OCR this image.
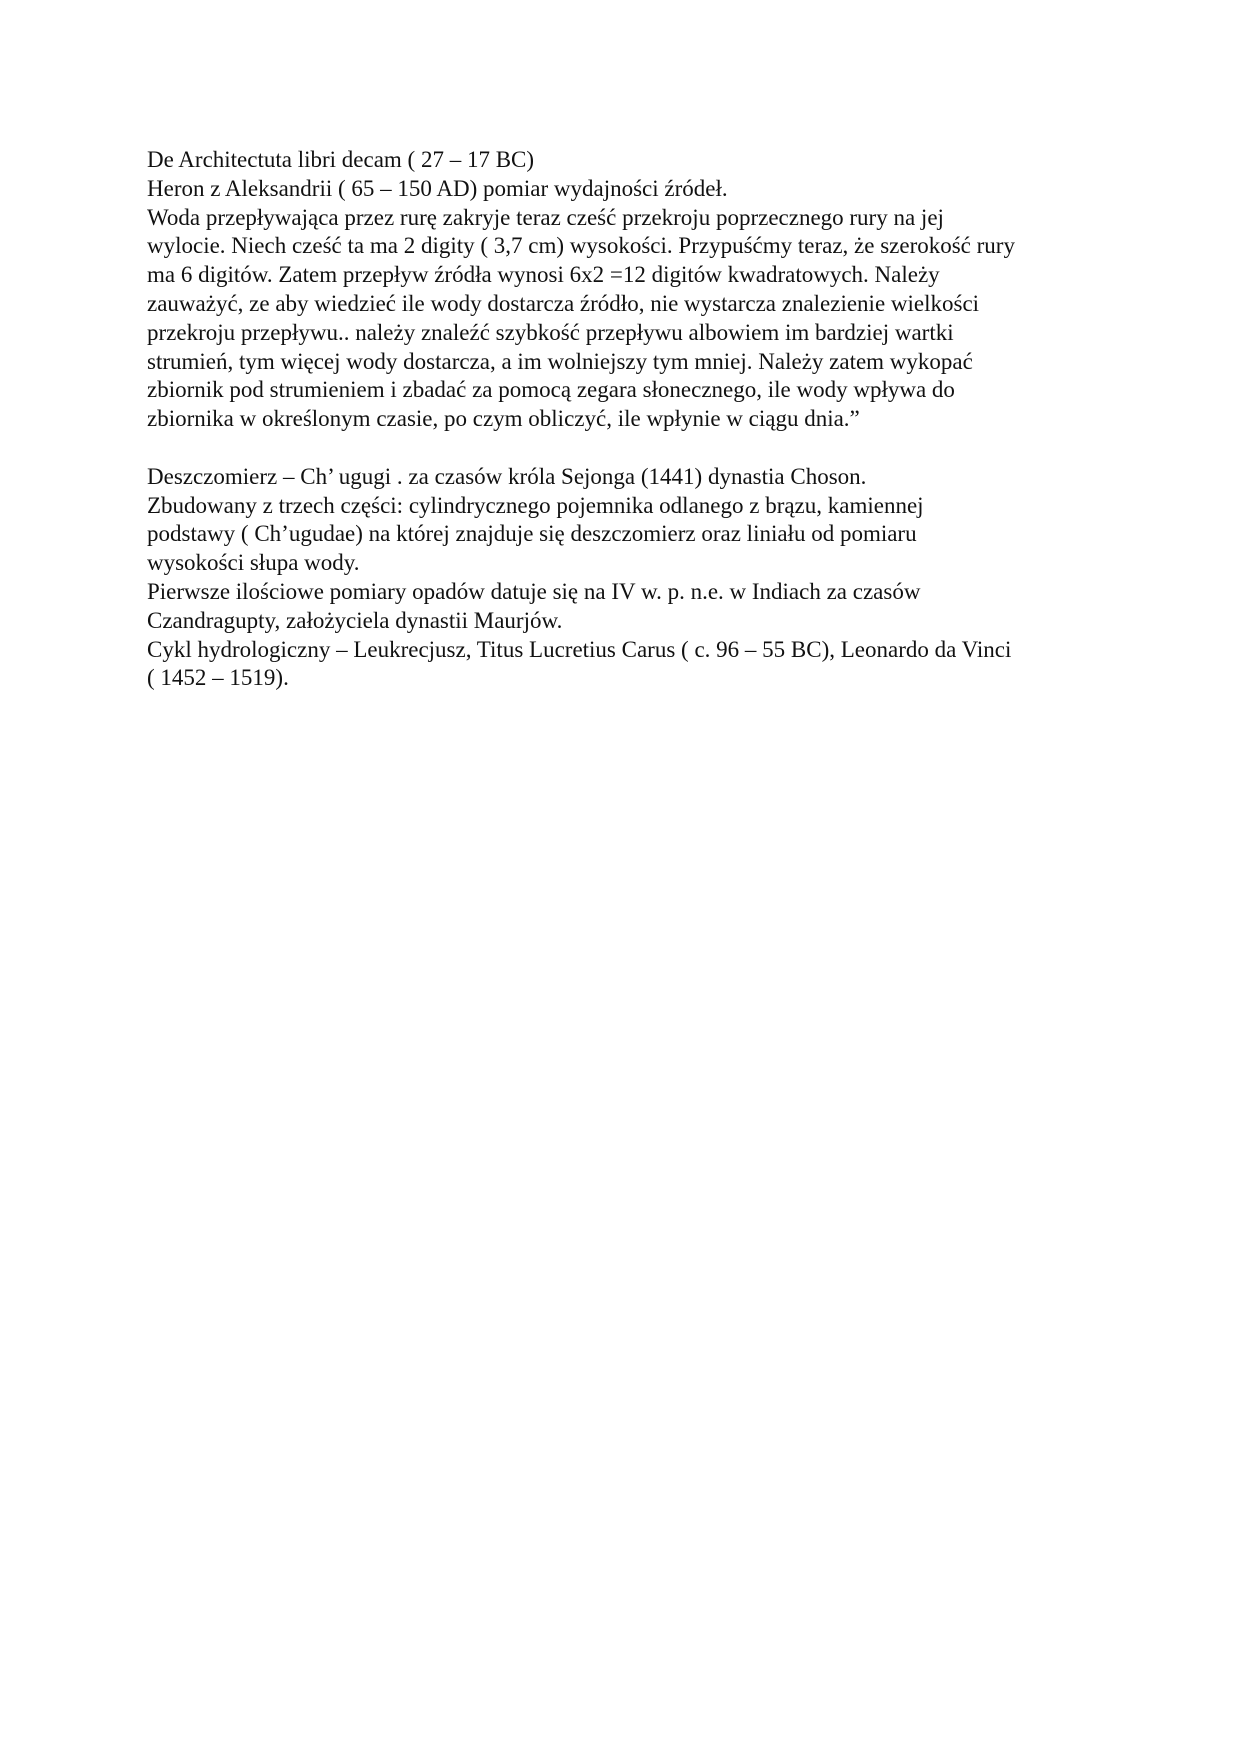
De Architectuta libri decam ( 27 – 17 BC)
Heron z Aleksandrii ( 65 – 150 AD) pomiar wydajności źródeł.
Woda przepływająca przez rurę zakryje teraz cześć przekroju poprzecznego rury na jej
wylocie. Niech cześć ta ma 2 digity ( 3,7 cm) wysokości. Przypuśćmy teraz, że szerokość rury
ma 6 digitów. Zatem przepływ źródła wynosi 6x2 =12 digitów kwadratowych. Należy
zauważyć, ze aby wiedzieć ile wody dostarcza źródło, nie wystarcza znalezienie wielkości
przekroju przepływu.. należy znaleźć szybkość przepływu albowiem im bardziej wartki
strumień, tym więcej wody dostarcza, a im wolniejszy tym mniej. Należy zatem wykopać
zbiornik pod strumieniem i zbadać za pomocą zegara słonecznego, ile wody wpływa do
zbiornika w określonym czasie, po czym obliczyć, ile wpłynie w ciągu dnia.”
Deszczomierz – Ch’ ugugi . za czasów króla Sejonga (1441) dynastia Choson.
Zbudowany z trzech części: cylindrycznego pojemnika odlanego z brązu, kamiennej
podstawy ( Ch’ugudae) na której znajduje się deszczomierz oraz liniału od pomiaru
wysokości słupa wody.
Pierwsze ilościowe pomiary opadów datuje się na IV w. p. n.e. w Indiach za czasów
Czandragupty, założyciela dynastii Maurjów.
Cykl hydrologiczny – Leukrecjusz, Titus Lucretius Carus ( c. 96 – 55 BC), Leonardo da Vinci
( 1452 – 1519).
